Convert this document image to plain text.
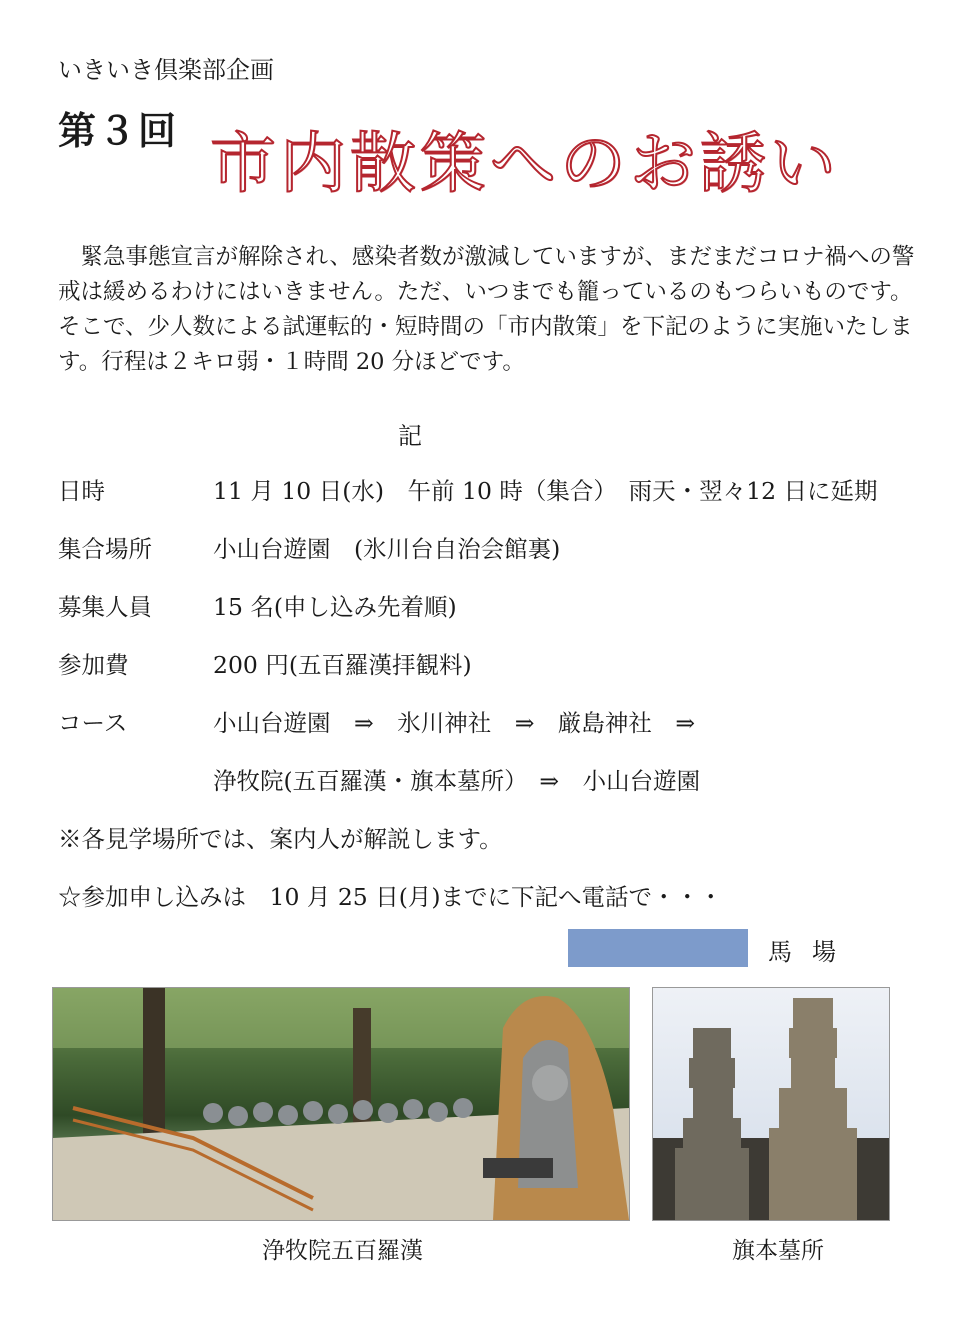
いきいき倶楽部企画
第３回 市内散策へのお誘い
　緊急事態宣言が解除され、感染者数が激減していますが、まだまだコロナ禍への警
戒は緩めるわけにはいきません。ただ、いつまでも籠っているのもつらいものです。
そこで、少人数による試運転的・短時間の「市内散策」を下記のように実施いたしま
す。行程は２キロ弱・１時間 20 分ほどです。
記
日時	11 月 10 日(水)　午前 10 時（集合）　雨天・翌々12 日に延期
集合場所	小山台遊園　(氷川台自治会館裏)
募集人員	15 名(申し込み先着順)
参加費	200 円(五百羅漢拝観料)
コース	小山台遊園　⇒　氷川神社　⇒　厳島神社　⇒
浄牧院(五百羅漢・旗本墓所）　⇒　小山台遊園
※各見学場所では、案内人が解説します。
☆参加申し込みは　10 月 25 日(月)までに下記へ電話で・・・
馬場
浄牧院五百羅漢	旗本墓所
